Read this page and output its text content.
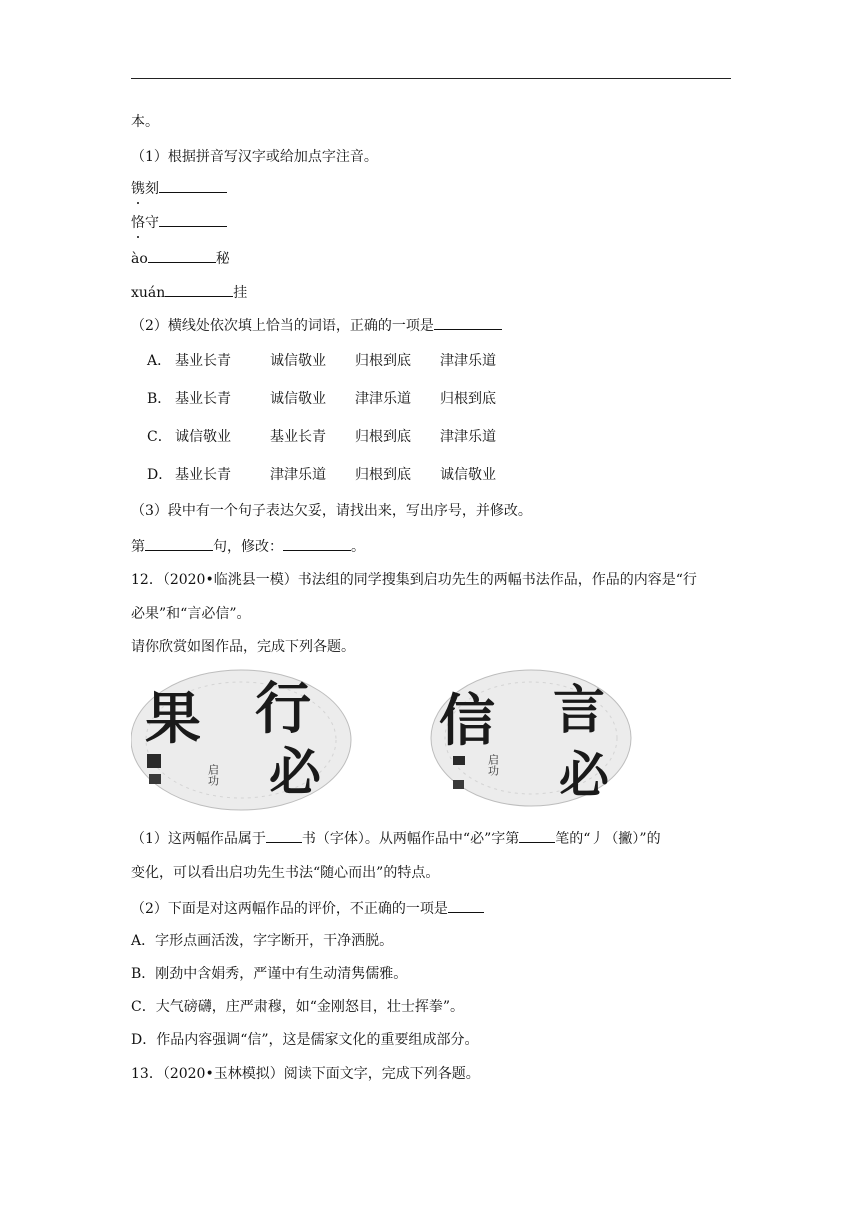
本。
（1）根据拼音写汉字或给加点字注音。
镌刻
恪守
ào	秘
xuán	挂
（2）横线处依次填上恰当的词语，正确的一项是
A． 基业长青	诚信敬业 归根到底 津津乐道
B． 基业长青	诚信敬业 津津乐道 归根到底
C． 诚信敬业	基业长青 归根到底 津津乐道
D． 基业长青	津津乐道 归根到底 诚信敬业
（3）段中有一个句子表达欠妥，请找出来，写出序号，并修改。
第	句，修改：	。
12．（2020•临洮县一模）书法组的同学搜集到启功先生的两幅书法作品，作品的内容是“行
必果”和“言必信”。
请你欣赏如图作品，完成下列各题。
果 行
必
启功
信 言
必
启功
（1）这两幅作品属于	书（字体）。从两幅作品中“必”字第	笔的“丿（撇）”的
变化，可以看出启功先生书法“随心而出”的特点。
（2）下面是对这两幅作品的评价，不正确的一项是
A．字形点画活泼，字字断开，干净洒脱。
B．刚劲中含娟秀，严谨中有生动清隽儒雅。
C．大气磅礴，庄严肃穆，如“金刚怒目，壮士挥拳”。
D．作品内容强调“信”，这是儒家文化的重要组成部分。
13．（2020•玉林模拟）阅读下面文字，完成下列各题。
